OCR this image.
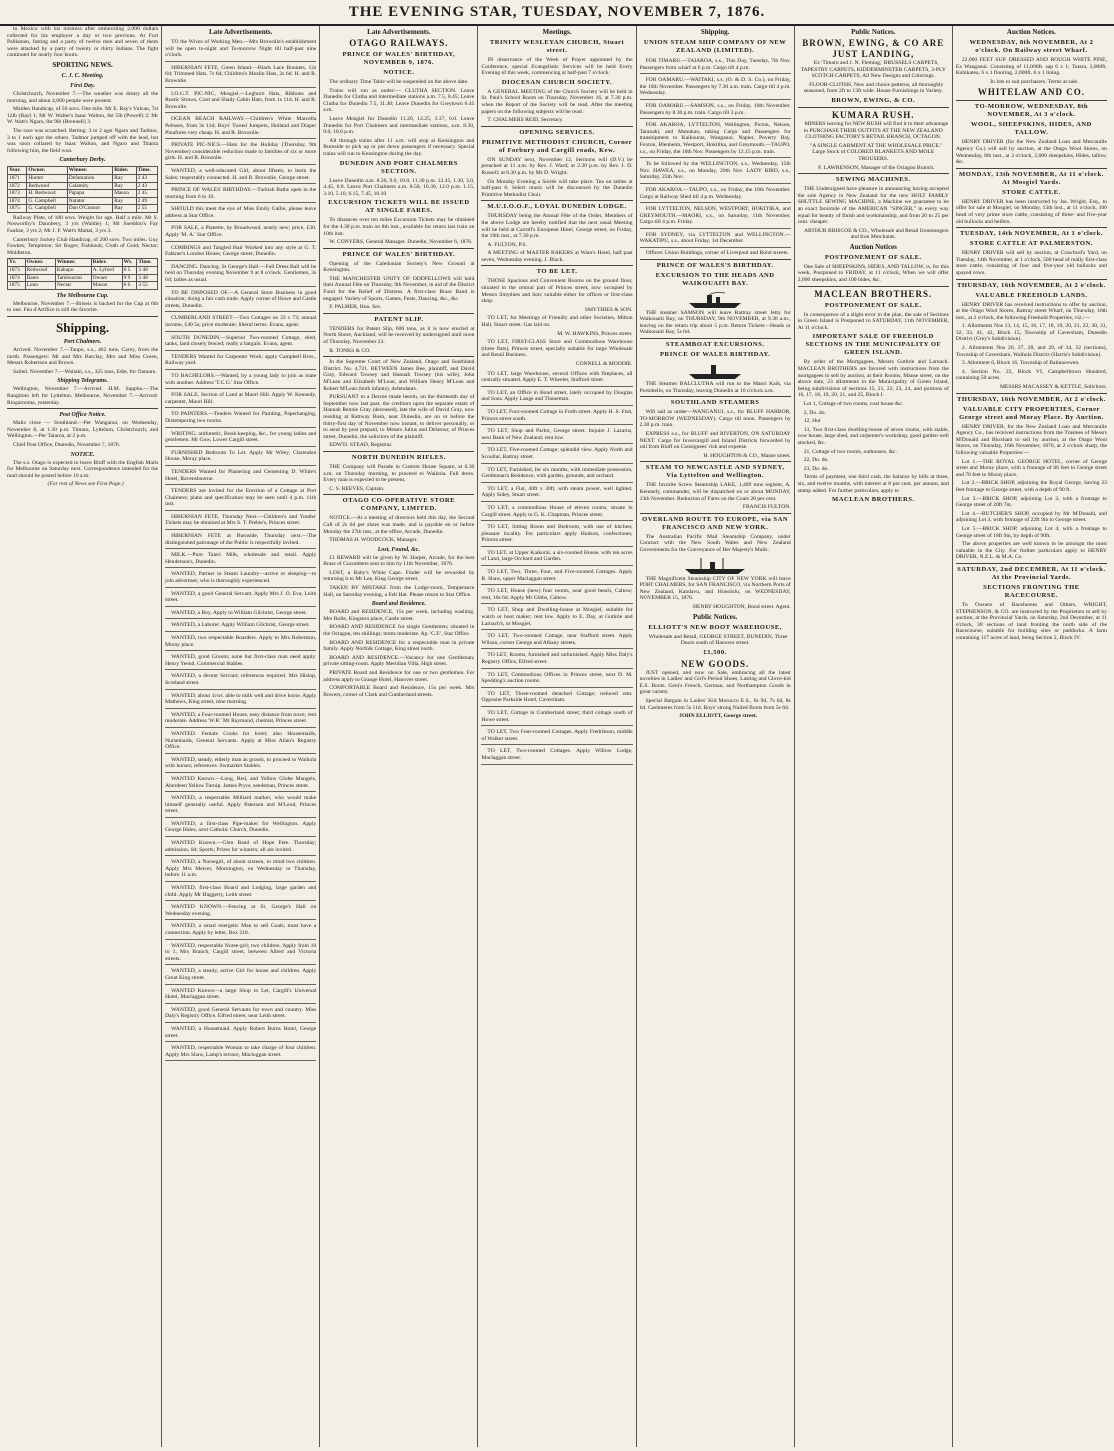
THE EVENING STAR, TUESDAY, NOVEMBER 7, 1876.

to Mexico with his mistress after embezzling 2,000 dollars collected for his employer a day or two previous. At Fort Pallisman, fasting and a party of twelve men and seven of them were attacked by a party of twenty or thirty Indians. The fight continued for nearly four hours.

SPORTING NEWS.
C. J. C. Meeting.
First Day.

Christchurch, November 7.—The weather was dreary all the morning, and about 4,000 people were present.

Maiden Handicap, of 50 sovs. One mile. Mr E. Ray's Vulcan, 7st 12lb (Ray) 1; Mr W. Walter's Isaac Walton, 8st 5lb (Powell) 2; Mr W. Watt's Ngaro, 8st 9lb (Brennell) 3.

The race was scratched. Betting: 3 to 2 agst Ngaro and Tadmor, 3 to 1 each agst the others. Tadmor jumped off with the lead, but was soon collared by Isaac Walton, and Ngaro and Titania following him, the field won.

Canterbury Derby.
Year.	Owner.	Winner.	Rider.	Time.
1871	Hunter	Defamation	Ray	2 43
1872	Redwood	Calamity	Ray	2 43
1873	H. Redwood	Papapa	Mason	2 45
1874	G. Campbell	Natator	Ray	2 49
1875	G. Campbell	Dan O'Connor	Ray	2 55

Railway Plate, of 100 sovs. Weight for age. Half a mile. Mr S. Nosworthy's Daunbery, 3 yrs (Waldie) 1; Mr Sneddon's Fay Faulise, 3 yrs 2; Mr J. F. Watt's Maitai, 3 yrs 3.

Canterbury Jockey Club Handicap, of 200 sovs. Two miles. Guy Fawkes; Templeton; Sir Roger; Fishhook; Cloth of Gold; Nectar; Middleton.

Yr.	Owner.	Winner.	Rider.	Wt.	Time.
1873	Redwood	Kakapo	A. Lyford	6 5	3 48
1874	Bates	Tambourini	Owner	9 9	3 48
1875	Lunn	Nectar	Mason	6 6	3 55
The Melbourne Cup.

Melbourne, November 7.—Briseis is backed for the Cup at 6th to one. Feu d'Artifice is still the favorite.

Shipping.
Port Chalmers.

Arrived. November 7.—Taupo, s.s., 462 tons, Carey, from the north. Passengers: Mr and Mrs Barclay, Mrs and Miss Green, Messrs Robertson and Brown.

Sailed. November 7.—Waitaki, s.s., 325 tons, Edie, for Oamaru.

Shipping Telegrams.

Wellington, November 7.—Arrived: H.M. Sappho.—The Rangitoto left for Lyttelton. Melbourne, November 7.—Arrived: Ringarooma, yesterday.

Post Office Notice.

Mails close — Southland.—Per Wanganui, on Wednesday, November 8, at 1.30 p.m. Timaru, Lyttelton, Christchurch, and Wellington.—Per Taiaroa, at 2 p.m.

Chief Post Office, Dunedin, November 7, 1876.

NOTICE.

The s.s. Otago is expected to leave Bluff with the English Mails for Melbourne on Saturday next. Correspondence intended for the mail should be posted before 10 a.m.

(For rest of News see First Page.)

Late Advertisements.

TO the Wives of Working Men.—Mrs Brownlie's establishment will be open to-night and To-morrow Night till half-past nine o'clock.

HIBERNIAN FETE, Green Island.—Black Lace Bonnets, 12s 6d; Trimmed Hats, 7s 6d; Children's Muslin Hats, 2s 6d. H. and R. Brownlie.

I.O.G.T. PIC-NIC, Mosgiel.—Leghorn Hats, Ribbons and Rustic Straws, Cool and Shady Cabin Hats, from 1s 11d. H. and R. Brownlie.

OCEAN BEACH RAILWAY.—Children's White Marcella Pelisses, from 3s 11d; Boys' Tweed Jumpers, Holland and Diaper Pinafores very cheap. H. and R. Brownlie.

PRIVATE PIC-NICS.—Hats for the Holiday (Thursday, 9th November) considerable reduction made to families of six or more girls. H. and R. Brownlie.

WANTED, a well-educated Girl, about fifteen, to learn the Sales; respectably connected. H. and R. Brownlie, George street.

PRINCE OF WALES' BIRTHDAY.—Turkish Baths open in the morning from 6 to 10.

SHOULD this meet the eye of Miss Emily Gallie, please leave address at Star Office.

FOR SALE, a Pianette, by Broadwood, nearly new; price, £30. Apply 'M. A.' Star Office.

COMBINGS and Tangled Hair Worked into any style at G. T. Falkner's London House, George street, Dunedin.

DANCING. Dancing. St George's Hall.—Full Dress Ball will be held on Thursday evening November 9 at 8 o'clock. Gentlemen, 3s 6d; ladies as usual.

TO BE DISPOSED OF.—A General Store Business in good situation; doing a fair cash trade. Apply corner of Howe and Castle streets, Dunedin.

CUMBERLAND STREET.—Two Cottages on 33 x 73; annual income, £40 5s; price moderate; liberal terms. Evans, agent.

SOUTH DUNEDIN.—Superior Two-roomed Cottage, shed, tanks, land closely fenced; really a bargain. Evans, agent.

TENDERS Wanted for Carpenter Work; apply Campbell Bros., Railway yard.

TO BACHELORS.—Wanted, by a young lady to join as mate with another. Address 'T.C.G.' Star Office.

FOR SALE, Section of Land at Maori Hill. Apply W. Kennedy, carpenter, Maori Hill.

TO PAINTERS.—Tenders Wanted for Painting, Paperhanging, Distempering two rooms.

WRITING, arithmetic, Book-keeping, &c., for young ladies and gentlemen. Mr Gow, Lower Cargill street.

FURNISHED Bedroom To Let. Apply Mr Wiley, Clarendon House, Moray place.

TENDERS Wanted for Plastering and Cementing D. White's Hotel, Ravensbourne.

TENDERS are invited for the Erection of a Cottage at Port Chalmers; plans and specification may be seen until 4 p.m. 11th inst.

HIBERNIAN FETE, Thursday Next.—Children's and Youths' Tickets may be obtained at Mrs S. T. Prebie's, Princes street.

HIBERNIAN FETE at Burnside, Thursday next.—The distinguished patronage of the Public is respectfully invited.

MILK.—Pure Taieri Milk, wholesale and retail. Apply Henderson's, Dunedin.

WANTED, Partner in Steam Laundry—active or sleeping—to join advertiser, who is thoroughly experienced.

WANTED, a good General Servant. Apply Mrs J. O. Eva, Leith street.

WANTED, a Boy. Apply to William Gilchrist, George street.

WANTED, a Laborer. Apply William Gilchrist, George street.

WANTED, two respectable Boarders. Apply to Mrs Robertson, Moray place.

WANTED, good Groom; none but first-class man need apply. Henry Yeend, Commercial Stables.

WANTED, a decent Servant; references required. Mrs Hislop, Scotland street.

WANTED, about 1cwt. able to milk well and drive horse. Apply Mathews, King street, nine morning.

WANTED, a Four-roomed House, easy distance from town; rent moderate. Address 'W.R.' Mr Raymond, chemist, Princes street.

WANTED. Female Cooks for hotel; also Housemaids, Nursemaids, General Servants. Apply at Miss Allan's Registry Office.

WANTED, steady, elderly man as groom, to proceed to Waihola with horses; references. Swmarket Stables.

WANTED Known.—Long, Red, and Yellow Globe Mangels, Aberdeen Yellow Turnip. James Pryor, seedsman, Princes street.

WANTED, a respectable Milliard marker, who would make himself generally useful. Apply Paterson and M'Leod, Princes street.

WANTED, a first-class Pipe-maker for Wellington. Apply George Hales, next Catholic Church, Dunedin.

WANTED Known.—Glen Band of Hope Fete. Thursday; admission, 6d; Sports; Prizes for winners; all are invited.

WANTED, a Nursegirl, of about sixteen, to mind two children. Apply Mrs Mercer, Mornington, on Wednesday or Thursday, before 11 a.m.

WANTED, first-class Board and Lodging, large garden and child. Apply Mr Haggerty, Leith street.

WANTED KNOWN.—Fencing at St. George's Hall on Wednesday evening.

WANTED, a smart energetic Man to sell Coals; must have a connection. Apply by letter, Box 218.

WANTED, respectable Nurse-girl; two children. Apply from 10 to 1, Mrs Branch, Cargill street, between Albert and Victoria streets.

WANTED, a steady, active Girl for house and children. Apply Great King street.

WANTED Known—a large Shop to Let, Cargill's Universal Hotel, Maclaggan street.

WANTED, good General Servants for town and country. Miss Daly's Registry Office, Elfred street, near Leith street.

WANTED, a Housemaid. Apply Robert Burns Hotel, George street.

WANTED, respectable Woman to take charge of four children. Apply Mrs Shaw, Lamp's terrace, Macloggan street.

Late Advertisements.
OTAGO RAILWAYS.
PRINCE OF WALES' BIRTHDAY, NOVEMBER 9, 1876.
NOTICE.

The ordinary Time Table will be suspended on the above date.

Trains will run as under:— CLUTHA SECTION. Leave Dunedin for Clutha and intermediate stations a.m. 7.5, 8.45; Leave Clutha for Dunedin 7.5, 11.40; Leave Dunedin for Greytown 6.45 a.m.

Leave Mosgiel for Dunedin 11.20, 12.25, 3.37, 6.0. Leave Dunedin for Port Chalmers and intermediate stations, a.m. 8.30, 9.0, 10.0 p.m.

All through trains after 11 a.m. will stop at Kensington and Burnside to pick up or put down passengers if necessary. Special trains will run to Kensington during the day.

DUNEDIN AND PORT CHALMERS SECTION.

Leave Dunedin a.m. 8.30, 9.0, 10.0, 11.30 p.m. 12.45, 1.30, 3.0, 4.45, 6.0. Leave Port Chalmers a.m. 8.50, 10.30, 12.0 p.m. 1.15, 3.10, 5.10, 6.15, 7.45, 10.10

EXCURSION TICKETS WILL BE ISSUED AT SINGLE FARES.

To distances over ten miles Excursion Tickets may be obtained for the 4.30 p.m. train on 8th inst., available for return last train on 10th inst.

W. CONYERS, General Manager. Dunedin, November 6, 1876.

PRINCE OF WALES' BIRTHDAY.

Opening of the Caledonian Society's New Ground at Kensington.

THE MANCHESTER UNITY OF ODDFELLOWS will hold their Annual Fête on Thursday, 9th November, in aid of the District Fund for the Relief of Distress. A first-class Brass Band is engaged. Variety of Sports, Games, Feats, Dancing, &c., &c.

F. PALMER, Hon. Sec.

PATENT SLIP.

TENDERS for Patent Slip, 600 tons, as it is now erected at North Shore, Auckland, will be received by undersigned until noon of Thursday, November 23.

R. TONKS & CO.

In the Supreme Court of New Zealand, Otago and Southland District. No. 4,721. BETWEEN James Bee, plaintiff, and David Gray, Edward Towsey and Hannah Towsey (his wife), John M'Lean and Elizabeth M'Lean, and William Henry M'Lean and Robert M'Lean (both infants), defendants.

PURSUANT to a Decree made herein, on the thirteenth day of September now last past, the creditors upon the separate estate of Hannah Rennie Gray (deceased), late the wife of David Gray, now residing at Rattway Bush, near Dunedin, are on or before the thirty-first day of November now instant, to deliver personally, or to send by post prepaid, to Messrs Julius and Delatour, of Princes street, Dunedin, the solicitors of the plaintiff.

EDW'D. STEAD, Registrar.

NORTH DUNEDIN RIFLES.

THE Company will Parade in Custom House Square, at 6.30 a.m. on Thursday morning, to proceed to Waihola. Full dress. Every man is expected to be present.

C. S. REEVES, Captain.

OTAGO CO-OPERATIVE STORE COMPANY, LIMITED.

NOTICE.—At a meeting of directors held this day, the Second Call of 2s 6d per share was made, and is payable on or before Monday the 27th inst., at the office, Arcade, Dunedin.

THOMAS H. WOODCOCK, Manager.

Lost, Found, &c.

£1 REWARD will be given by W. Harper, Arcade, for the best Brass of Cucumbers sent to him by 11th November, 1876.

LOST, a Baby's White Cape. Finder will be rewarded by returning it to Mr Lee, King George street.

TAKEN BY MISTAKE from the Lodge-room, Temperance Hall, on Saturday evening, a Felt Hat. Please return to Star Office.

Board and Residence.

BOARD and RESIDENCE, 15s per week, including washing. Mrs Rolle, Kingston place, Castle street.

BOARD AND RESIDENCE for single Gentlemen; situated in the Octagon, ten shillings; terms moderate. Ap. 'C.F.', Star Office.

BOARD AND RESIDENCE for a respectable man in private family. Apply Norfolk Cottage, King street north.

BOARD AND RESIDENCE.—Vacancy for one Gentleman; private sitting-room. Apply Meridian Villa, High street.

PRIVATE Board and Residence for one or two gentlemen. For address apply to Grange Hotel, Hanover street.

COMFORTABLE Board and Residence, 15s per week. Mrs Bowers, corner of Clark and Cumberland streets.

Meetings.
TRINITY WESLEYAN CHURCH, Stuart street.

IN observance of the Week of Prayer appointed by the Conference, special Evangelistic Services will be held Every Evening of this week, commencing at half-past 7 o'clock.

DIOCESAN CHURCH SOCIETY.

A GENERAL MEETING of the Church Society will be held in St. Paul's School Room on Thursday, November 16, at 7.30 p.m. when the Report of the Society will be read. After the meeting papers on the following subjects will be read.

T. CHALMERS REID, Secretary.

OPENING SERVICES.
PRIMITIVE METHODIST CHURCH, Corner of Forbury and Cargill roads, Kew.

ON SUNDAY next, November 12, Sermons will (D.V.) be preached at 11 a.m. by Rev. J. Ward; at 2.30 p.m. by Rev. J. D. Russell; at 6.30 p.m. by Mr D. Wright.

On Monday Evening a Soirée will take place. Tea on tables at half-past 6. Select music will be discoursed by the Dunedin Primitive Methodist Choir.

M.U.I.O.O.F., LOYAL DUNEDIN LODGE.

THURSDAY being the Annual Fête of the Order, Members of the above Lodge are hereby notified that the next usual Meeting will be held at Carroll's European Hotel, George street, on Friday, the 10th inst., at 7.30 p.m.

A. FULTON, P.S.

A MEETING of MASTER BAKERS at Wain's Hotel, half past seven, Wednesday evening. J. Black.

TO BE LET.

THOSE Spacious and Convenient Rooms on the ground floor, situated in the central part of Princes street, now occupied by Messrs Smythies and Son; suitable either for offices or first-class shop.

SMYTHIES & SON.

TO LET, for Meetings of Friendly and other Societies, Milton Hall, Stuart street. Gas laid on.

M. W. HAWKINS, Princes street.

TO LET, FIRST-CLASS Store and Commodious Warehouse (three flats), Princes street, specially suitable for large Wholesale and Retail Business.

CONNELL & MOODIE.

TO LET, large Warehouse, several Offices with fireplaces, all centrally situated. Apply E. T. Wheeler, Stafford street.

TO LET, an Office in Bond street, lately occupied by Douglas and Sons. Apply Lange and Thoneman.

TO LET, Four-roomed Cottage in Forth street. Apply H. S. Fish, Princes street south.

TO LET, Shop and Parlor, George street. Inquire J. Lazarus, next Bank of New Zealand; rent low.

TO LET, Five-roomed Cottage; splendid view. Apply North and Scoullar, Rattray street.

TO LET, Furnished, for six months, with immediate possession, Gentleman's Residence, with garden, grounds, and orchard.

TO LET, a Flat, 40ft x 30ft, with steam power, well lighted. Apply Sidey, Stuart street.

TO LET, a commodious House of eleven rooms, situate in Cargill street. Apply to G. K. Chapman, Princes street.

TO LET, Sitting Room and Bedroom, with use of kitchen; pleasant locality. For particulars apply Hudson, confectioner, Princes street.

TO LET, at Upper Kaikorai, a six-roomed House, with ten acres of Land, large Orchard and Garden.

TO LET, Two, Three, Four, and Five-roomed Cottages. Apply R. Shaw, upper Maclaggan street.

TO LET, House (new) four rooms, near good beach, Caltow; rent, 10s 6d. Apply Mr Gibbs, Caltow.

TO LET, Shop and Dwelling-house at Mosgiel, suitable for watch or boot maker; rent low. Apply to E. Day, at Guthrie and Larnach's, or Mosgiel.

TO LET, Two-roomed Cottage, near Stafford street. Apply Wilson, corner George and Albany streets.

TO LET, Rooms, furnished and unfurnished. Apply Miss Daly's Registry Office, Elfred street.

TO LET, Commodious Offices in Princes street, next D. M. Spedding's auction rooms.

TO LET, Three-roomed detached Cottage; reduced rent. Opposite Parkside Hotel, Caversham.

TO LET, Cottage in Cumberland street; third cottage south of Howe street.

TO LET, Two Four-roomed Cottages. Apply Fredrikson, middle of Walker street.

TO LET, Two-roomed Cottages. Apply Willow Lodge, Maclaggan street.

Shipping.
UNION STEAM SHIP COMPANY OF NEW ZEALAND (LIMITED).

FOR TIMARU.—TAIAROA, s.s., This Day, Tuesday, 7th Nov. Passengers from wharf at 6 p.m. Cargo till 4 p.m.

FOR OAMARU.—WAITAKI, s.s. (O. & D. S. Co.), on Friday, the 10th November. Passengers by 7.30 a.m. train. Cargo till 4 p.m. Wednesday.

FOR OAMARU.—SAMSON, s.s., on Friday, 10th November. Passengers by 8.30 p.m. train. Cargo till 3 p.m.

FOR AKAROA, LYTTELTON, Wellington, Picton, Nelson, Taranaki, and Manukau, taking Cargo and Passengers for transhipment to Kaikouras, Wanganui, Napier, Poverty Bay, Foxton, Blenheim, Westport, Hokitika, and Greymouth.—TAUPO, s.s., on Friday, the 10th Nov. Passengers by 12.15 p.m. train.

To be followed by the WELLINGTON, s.s., Wednesday, 15th Nov. HAWEA, s.s., on Monday, 20th Nov. LADY BIRD, s.s., Saturday, 25th Nov.

FOR AKAROA.—TAUPO, s.s., on Friday, the 10th November. Cargo at Railway Shed till 4 p.m. Wednesday.

FOR LYTTELTON, NELSON, WESTPORT, HOKITIKA, and GREYMOUTH.—MAORI, s.s., on Saturday, 11th November. Cargo till 4 p.m. Friday.

FOR SYDNEY, via LYTTELTON and WELLINGTON.—WAKATIPU, s.s., about Friday, 1st December.

Offices: Union Buildings, corner of Liverpool and Bond streets.

PRINCE OF WALES'S BIRTHDAY.
EXCURSION TO THE HEADS AND WAIKOUAITI BAY.

THE steamer SAMSON will leave Rattray street Jetty for Waikouaiti Bay, on THURSDAY, 9th NOVEMBER, at 9.30 a.m., leaving on the return trip about 5 p.m. Return Tickets—Heads or Waikouaiti Bay, 5s 6d.

STEAMBOAT EXCURSIONS.
PRINCE OF WALES BIRTHDAY.

THE Steamer BALCLUTHA will run to the Maori Kaik, via Portobello, on Thursday, leaving Dunedin at 10 o'clock a.m.

SOUTHLAND STEAMERS

Will sail as under—WANGANUI, s.s., for BLUFF HARBOR, TO-MORROW (WEDNESDAY). Cargo till noon. Passengers by 2.30 p.m. train.

EXPRESS s.s., for BLUFF and RIVERTON, ON SATURDAY NEXT. Cargo for Invercargill and Inland Districts forwarded by rail from Bluff on Consignees' risk and expense.

H. HOUGHTON & CO., Manse street.

STEAM TO NEWCASTLE AND SYDNEY, Via Lyttelton and Wellington.

THE favorite Screw Steamship LAKE, 1,489 tons register, A. Kennedy, commander, will be dispatched on or about MONDAY, 13th November. Reduction of Fares on the Coast 20 per cent.

FRANCIS FULTON.

OVERLAND ROUTE TO EUROPE, via SAN FRANCISCO AND NEW YORK.

The Australian Pacific Mail Steamship Company, under Contract with the New South Wales and New Zealand Governments for the Conveyance of Her Majesty's Mails.

THE Magnificent Steamship CITY OF NEW YORK will leave PORT CHALMERS, for SAN FRANCISCO, via Northern Ports of New Zealand, Kandavu, and Honolulu, on WEDNESDAY, NOVEMBER 15, 1876.

HENRY HOUGHTON, Bond street. Agent.

Public Notices.
ELLIOTT'S NEW BOOT WAREHOUSE,

Wholesale and Retail, GEORGE STREET, DUNEDIN, Three Doors south of Hanover street.

£1,500.
NEW GOODS.

JUST opened, and now on Sale, embracing all the latest novelties in Ladies' and Girl's Period Shoes, Lasting and Glove-kid E.S. Boots. Gent's French, German, and Northampton Goods in great variety.

Special Bargain in Ladies' Kid Morocco E.S., 6s 9d, 7s 6d, 8s 6d. Cashmeres from 5s 11d. Boys' strong Nailed Boots from 5s 6d.

JOHN ELLIOTT, George street.

Public Notices.
BROWN, EWING, & CO ARE JUST LANDING,

Ex 'Timaru and J. N. Fleming,' BRUSSELS CARPETS, TAPESTRY CARPETS, KIDDERMINSTER CARPETS, 3-PLY SCOTCH CARPETS, All New Designs and Colorings.

FLOOR-CLOTHS, New and choice patterns, all thoroughly seasoned, from 2ft to 13ft wide. House Furnishings in Variety.

BROWN, EWING, & CO.
KUMARA RUSH.

MINERS leaving for NEW RUSH will find it to their advantage to PURCHASE THEIR OUTFITS AT THE NEW ZEALAND CLOTHING FACTORY'S RETAIL BRANCH, OCTAGON.

"A SINGLE GARMENT AT THE WHOLESALE PRICE." Large Stock of COLORED BLANKETS AND MOLE TROUSERS.

F. LAWRENSON, Manager of the Octagon Branch.

SEWING MACHINES.

THE Undersigned have pleasure in announcing having accepted the sole Agency in New Zealand for the new HOLT FAMILY SHUTTLE SEWING MACHINE, a Machine we guarantee to be an exact facsimile of the AMERICAN "SINGER," in every way equal for beauty of finish and workmanship, and from 20 to 25 per cent. cheaper.

ARTHUR BRISCOE & CO., Wholesale and Retail Ironmongers and Iron Merchants.

Auction Notices
POSTPONEMENT OF SALE.

One Sale of SHEEPSKINS, HIDES, AND TALLOW, is, for this week, Postponed to FRIDAY, at 11 o'clock, When we will offer 2,000 sheepskins, and 100 hides, &c.

MACLEAN BROTHERS.
POSTPONEMENT OF SALE.

In consequence of a slight error in the plan, the sale of Sections in Green Island is Postponed to SATURDAY, 11th NOVEMBER, At 11 o'clock.

IMPORTANT SALE OF FREEHOLD SECTIONS IN THE MUNICIPALITY OF GREEN ISLAND.

By order of the Mortgagees, Messrs Guthrie and Larnach. MACLEAN BROTHERS are favored with instructions from the mortgagees to sell by auction, at their Rooms, Manse street, on the above date, 23 allotments in the Municipality of Green Island, being subdivisions of sections 15, 21, 22, 23, 24, and portions of 16, 17, 18, 19, 20, 21, and 25, Block I.

Lot 1, Cottage of two rooms, coal house &c.

2, Do. do.

12, Hut

13, Two first-class dwelling-house of seven rooms, with stable, cow house, large shed, and carpenter's workshop, good garden well stocked, &c.

21, Cottage of two rooms, outhouses, &c.

22, Do. do.

23, Do. do.

Terms of payment, one third cash, the balance by bills at three, six, and twelve months, with interest at 8 per cent. per annum, and stamp added. For further particulars, apply to

MACLEAN BROTHERS.
Auction Notices.
WEDNESDAY, 8th NOVEMBER, At 2 o'clock. On Railway street Wharf.

22,000 FEET SUP. DRESSED AND ROUGH WHITE PINE, Ex Wanganui. Consisting of 11,000ft. sap 6 x 1; Totara, 3,000ft. Kahikatea, 6 x 1 flooring, 2,000ft. 6 x 1 lining.

In lots to suit purchasers. Terms at sale.

WHITELAW AND CO.
TO-MORROW, WEDNESDAY, 8th NOVEMBER, At 3 o'clock.
WOOL, SHEEPSKINS, HIDES, AND TALLOW.

HENRY DRIVER (for the New Zealand Loan and Mercantile Agency Co.) will sell by auction, at the Otago Wool Stores, on Wednesday, 8th inst., at 3 o'clock, 2,000 sheepskins, Hides, tallow, &c.

MONDAY, 13th NOVEMBER, At 11 o'clock. At Mosgiel Yards.
STORE CATTLE.

HENRY DRIVER has been instructed by Jas. Wright, Esq., to offer for sale at Mosgiel, on Monday, 13th inst., at 11 o'clock, 100 head of very prime store cattle, consisting of three- and five-year old bullocks and heifers.

TUESDAY, 14th NOVEMBER, At 1 o'clock.
STORE CATTLE AT PALMERSTON.

HENRY DRIVER will sell by auction, at Crawford's Yard, on Tuesday, 14th November, at 1 o'clock, 500 head of really first-class store cattle, consisting of four and five-year old bullocks and spayed cows.

THURSDAY, 16th NOVEMBER, At 2 o'clock.
VALUABLE FREEHOLD LANDS.

HENRY DRIVER has received instructions to offer by auction, at the Otago Wool Stores, Rattray street Wharf, on Thursday, 16th inst., at 2 o'clock, the following Freehold Properties, viz.:—

1. Allotments Nos 13, 14, 15, 16, 17, 18, 19, 20, 21, 22, 30, 31, 32, 33, 41, 42, Block 15, Township of Caversham, Dunedin District (Grey's Subdivision).

2. Allotments Nos 26, 27, 28, and 29, of 34, 22 (sections), Township of Caversham, Waihola District (Harris's Subdivision).

3. Allotment 6, Block 16, Township of Balmacewen.

4. Section No. 22, Block VI, Campbelltown Hundred, containing 50 acres.

MESSRS MACASSEY & KETTLE, Solicitors.

THURSDAY, 16th NOVEMBER, At 2 o'clock.
VALUABLE CITY PROPERTIES, Corner George street and Moray Place. By Auction.

HENRY DRIVER, for the New Zealand Loan and Mercantile Agency Co., has received instructions from the Trustees of Messrs M'Donald and Bloxham to sell by auction, at the Otago Wool Stores, on Thursday, 16th November, 1876, at 2 o'clock sharp, the following valuable Properties:—

Lot 1.—THE ROYAL GEORGE HOTEL, corner of George street and Moray place, with a frontage of 66 feet to George street and 70 feet to Moray place.

Lot 2.—BRICK SHOP, adjoining the Royal George, having 23 feet frontage to George street, with a depth of 90 ft.

Lot 3.—BRICK SHOP, adjoining Lot 2, with a frontage to George street of 20ft 7in.

Lot 4.—BUTCHER'S SHOP, occupied by Mr M'Donald, and adjoining Lot 3, with frontage of 22ft 9in to George street.

Lot 5.—BRICK SHOP, adjoining Lot 4, with a frontage to George street of 18ft 9in, by depth of 90ft.

The above properties are well known to be amongst the most valuable in the City. For further particulars apply to HENRY DRIVER, N.Z.L. & M.A. Co.

SATURDAY, 2nd DECEMBER, At 11 o'clock. At the Provincial Yards.
SECTIONS FRONTING THE RACECOURSE.

To Owners of Racehorses and Others. WRIGHT, STEPHENSON, & CO. are instructed by the Proprietors to sell by auction, at the Provincial Yards, on Saturday, 2nd December, at 11 o'clock, 30 sections of land fronting the north side of the Racecourse, suitable for building sites or paddocks. A farm containing 117 acres of land, being Section 2, Block IV.
